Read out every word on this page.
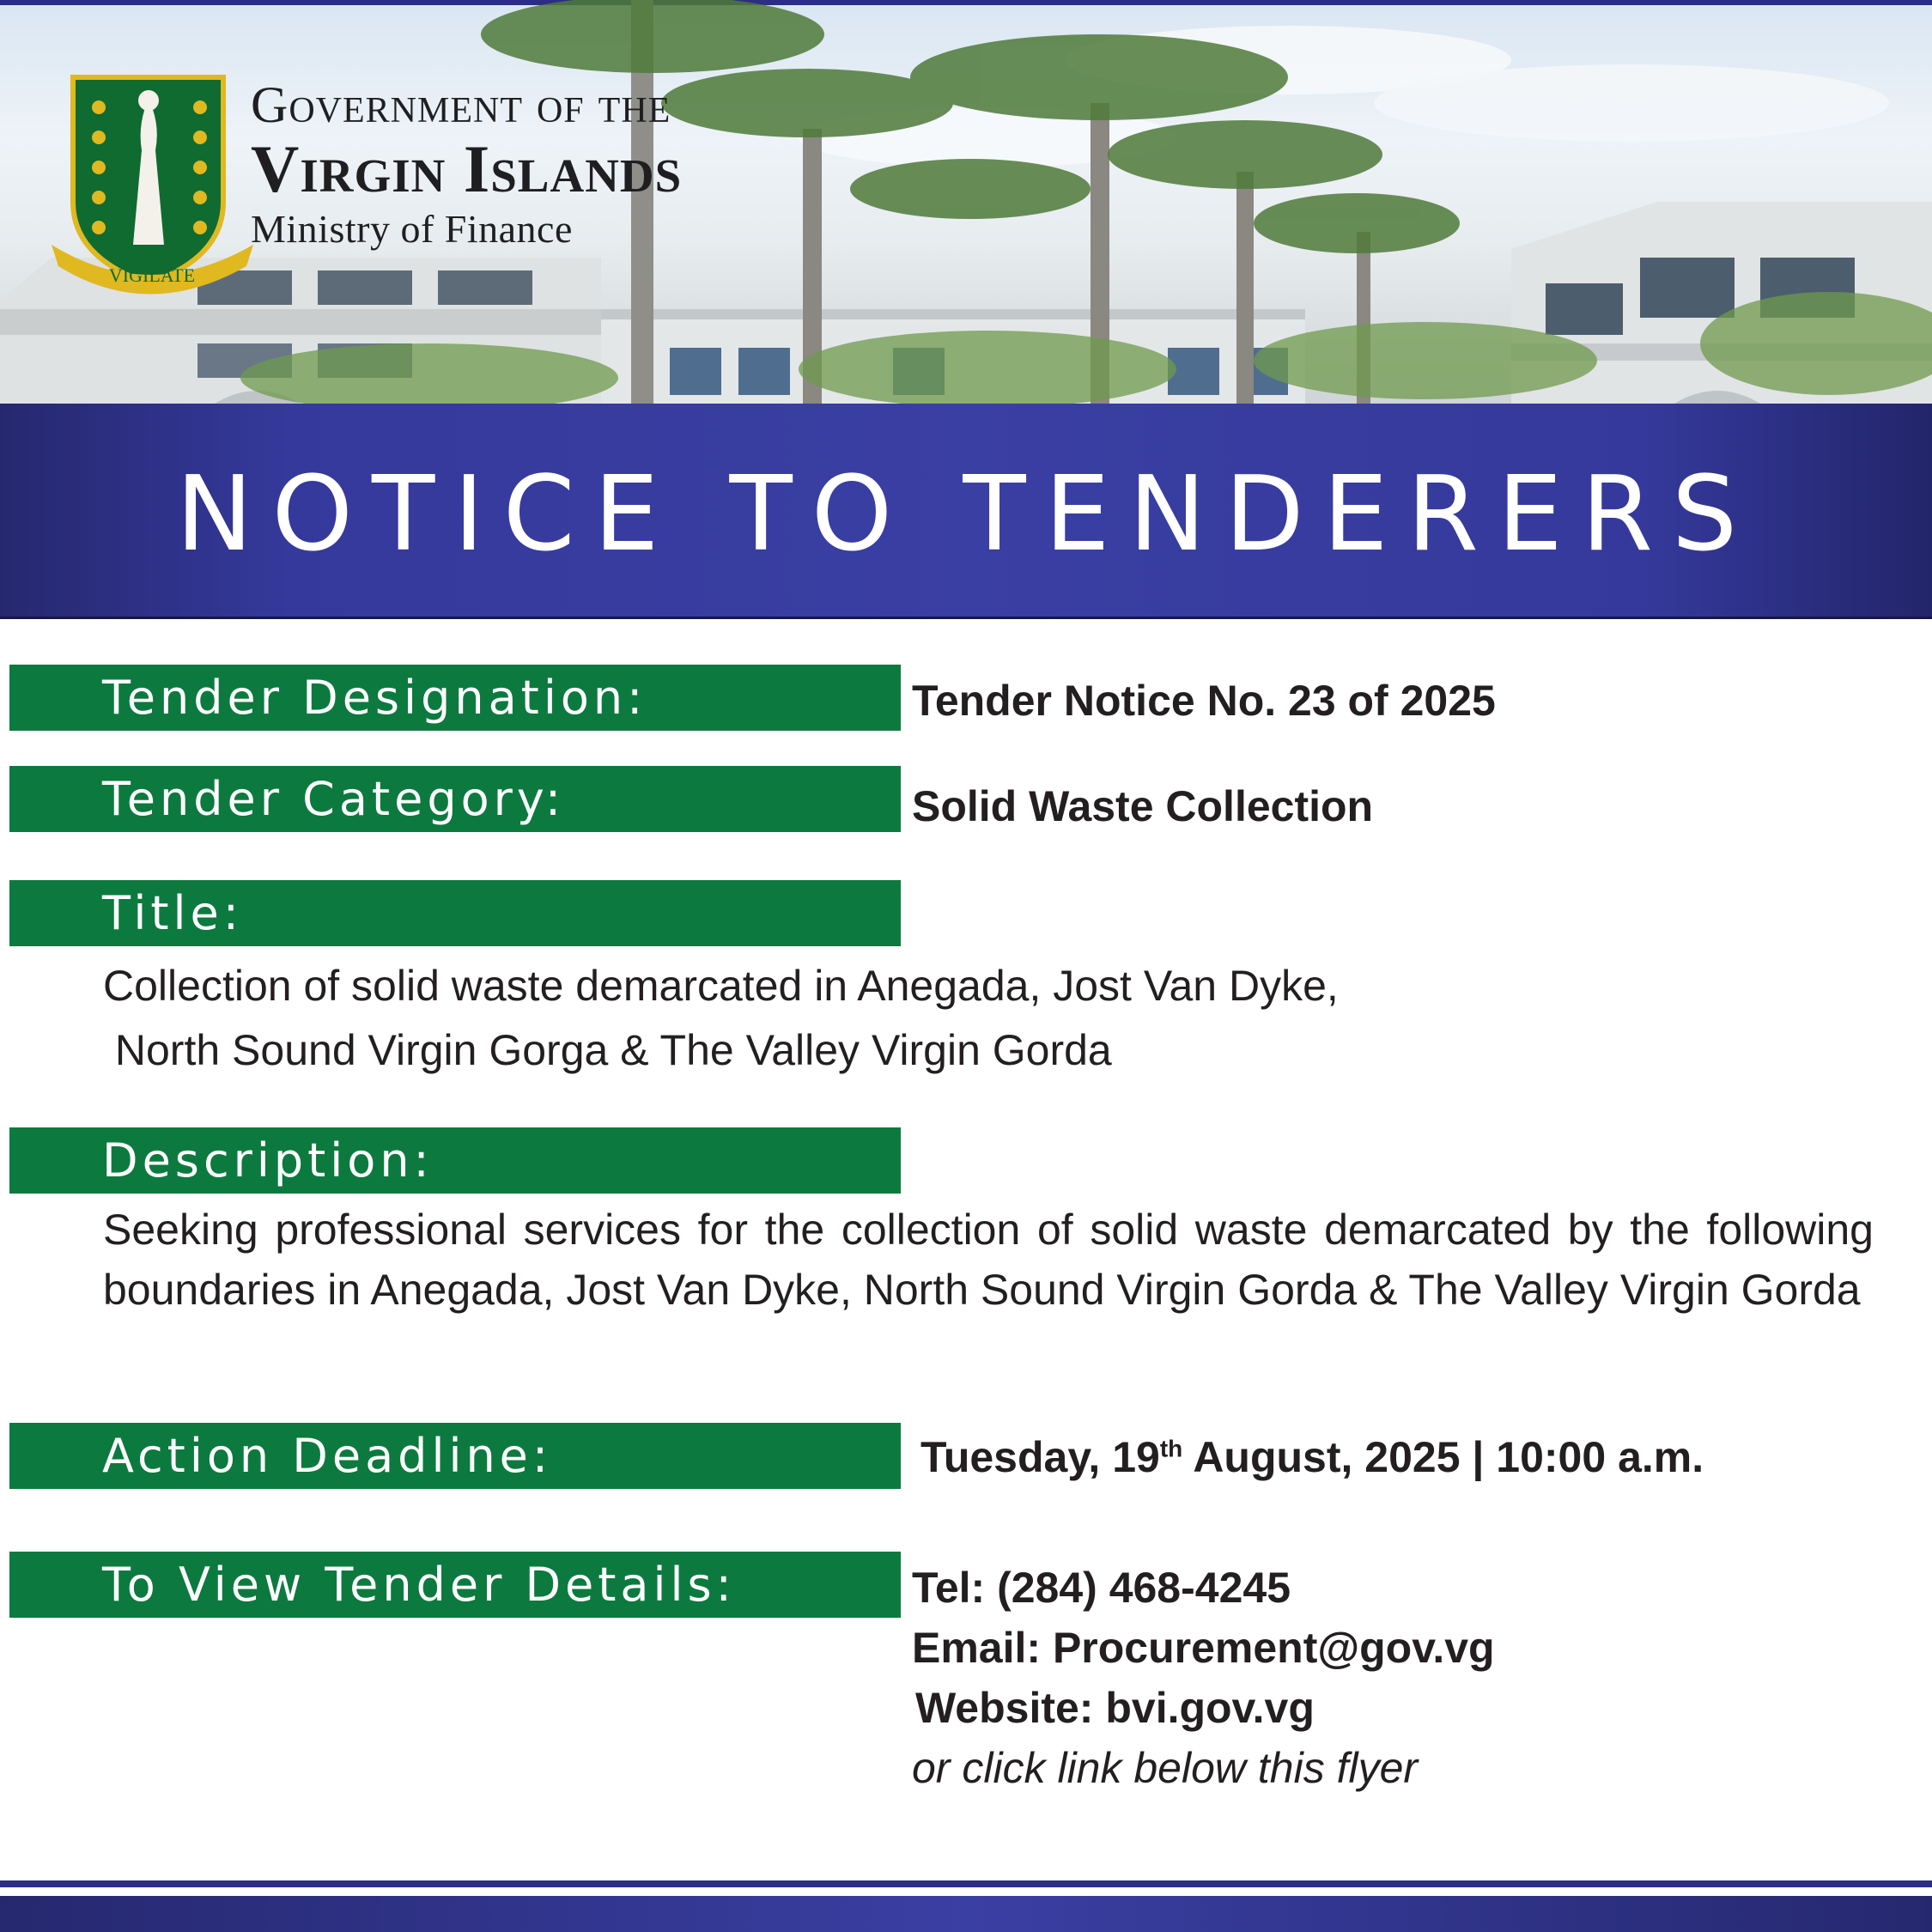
VIGILATE
Government of the
Virgin Islands
Ministry of Finance
NOTICE TO TENDERERS
Tender Designation:	Tender Notice No. 23 of 2025
Tender Category:	Solid Waste Collection
Title:
Collection of solid waste demarcated in Anegada, Jost Van Dyke,
North Sound Virgin Gorga & The Valley Virgin Gorda
Description:
Seeking professional services for the collection of solid waste demarcated by the following boundaries in Anegada, Jost Van Dyke, North Sound Virgin Gorda & The Valley Virgin Gorda
Action Deadline:	Tuesday, 19th August, 2025 | 10:00 a.m.
To View Tender Details:	Tel: (284) 468-4245
Email: Procurement@gov.vg
Website: bvi.gov.vg
or click link below this flyer
